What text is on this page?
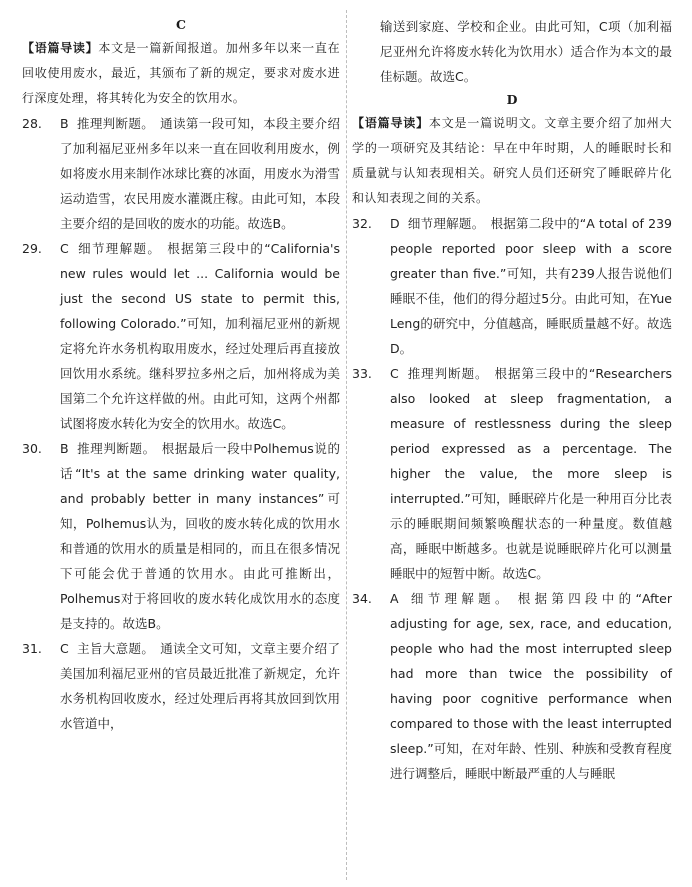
C

【语篇导读】本文是一篇新闻报道。加州多年以来一直在回收使用废水，最近，其颁布了新的规定，要求对废水进行深度处理，将其转化为安全的饮用水。

28.	B 推理判断题。 通读第一段可知，本段主要介绍了加利福尼亚州多年以来一直在回收利用废水，例如将废水用来制作冰球比赛的冰面，用废水为滑雪运动造雪，农民用废水灌溉庄稼。由此可知，本段主要介绍的是回收的废水的功能。故选B。
29.	C 细节理解题。 根据第三段中的“California's new rules would let ... California would be just the second US state to permit this, following Colorado.”可知，加利福尼亚州的新规定将允许水务机构取用废水，经过处理后再直接放回饮用水系统。继科罗拉多州之后，加州将成为美国第二个允许这样做的州。由此可知，这两个州都试图将废水转化为安全的饮用水。故选C。
30.	B 推理判断题。 根据最后一段中Polhemus说的话“It's at the same drinking water quality, and probably better in many instances”可知，Polhemus认为，回收的废水转化成的饮用水和普通的饮用水的质量是相同的，而且在很多情况下可能会优于普通的饮用水。由此可推断出，Polhemus对于将回收的废水转化成饮用水的态度是支持的。故选B。
31.	C 主旨大意题。 通读全文可知，文章主要介绍了美国加利福尼亚州的官员最近批准了新规定，允许水务机构回收废水，经过处理后再将其放回到饮用水管道中，

输送到家庭、学校和企业。由此可知，C项（加利福尼亚州允许将废水转化为饮用水）适合作为本文的最佳标题。故选C。

D

【语篇导读】本文是一篇说明文。文章主要介绍了加州大学的一项研究及其结论：早在中年时期，人的睡眠时长和质量就与认知表现相关。研究人员们还研究了睡眠碎片化和认知表现之间的关系。

32.	D 细节理解题。 根据第二段中的“A total of 239 people reported poor sleep with a score greater than five.”可知，共有239人报告说他们睡眠不佳，他们的得分超过5分。由此可知，在Yue Leng的研究中，分值越高，睡眠质量越不好。故选D。
33.	C 推理判断题。 根据第三段中的“Researchers also looked at sleep fragmentation, a measure of restlessness during the sleep period expressed as a percentage. The higher the value, the more sleep is interrupted.”可知，睡眠碎片化是一种用百分比表示的睡眠期间频繁唤醒状态的一种量度。数值越高，睡眠中断越多。也就是说睡眠碎片化可以测量睡眠中的短暂中断。故选C。
34.	A 细节理解题。 根据第四段中的“After adjusting for age, sex, race, and education, people who had the most interrupted sleep had more than twice the possibility of having poor cognitive performance when compared to those with the least interrupted sleep.”可知，在对年龄、性别、种族和受教育程度进行调整后，睡眠中断最严重的人与睡眠
